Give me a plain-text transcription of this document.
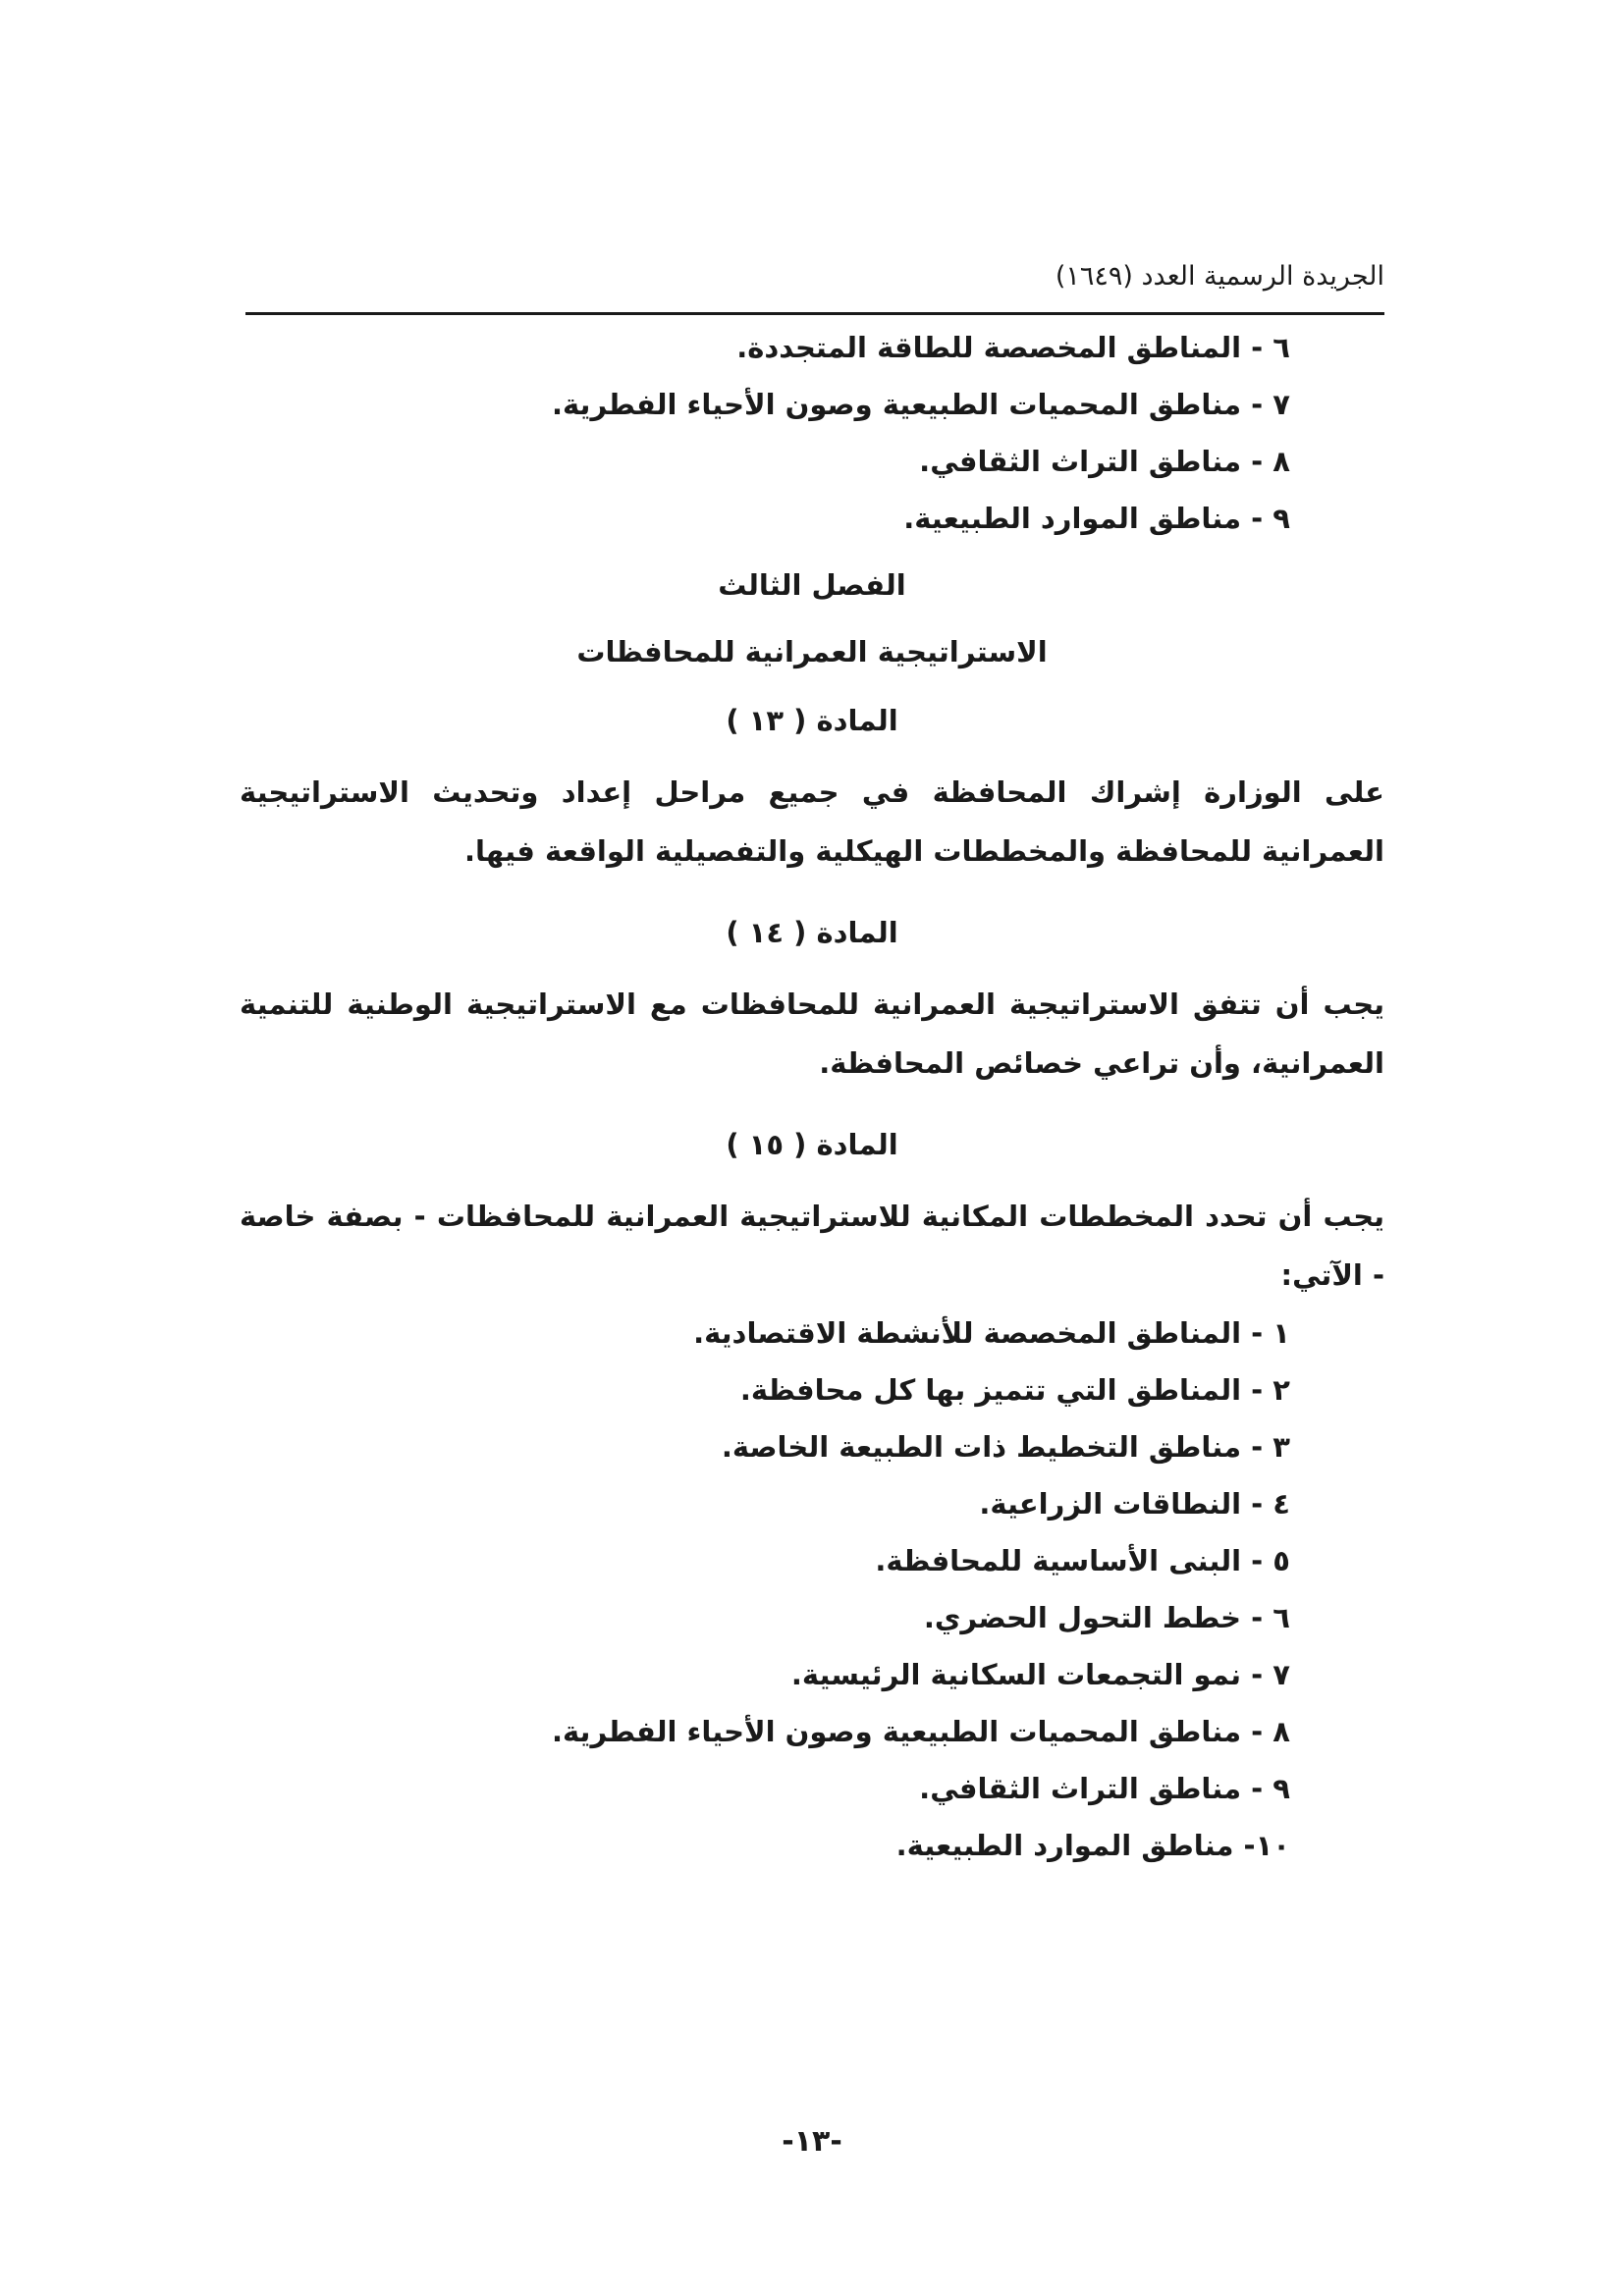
الجريدة الرسمية العدد (١٦٤٩)
٦ - المناطق المخصصة للطاقة المتجددة.
٧ - مناطق المحميات الطبيعية وصون الأحياء الفطرية.
٨ - مناطق التراث الثقافي.
٩ - مناطق الموارد الطبيعية.
الفصل الثالث
الاستراتيجية العمرانية للمحافظات
المادة ( ١٣ )
على الوزارة إشراك المحافظة في جميع مراحل إعداد وتحديث الاستراتيجية العمرانية للمحافظة والمخططات الهيكلية والتفصيلية الواقعة فيها.
المادة ( ١٤ )
يجب أن تتفق الاستراتيجية العمرانية للمحافظات مع الاستراتيجية الوطنية للتنمية العمرانية، وأن تراعي خصائص المحافظة.
المادة ( ١٥ )
يجب أن تحدد المخططات المكانية للاستراتيجية العمرانية للمحافظات - بصفة خاصة - الآتي:
١ - المناطق المخصصة للأنشطة الاقتصادية.
٢ - المناطق التي تتميز بها كل محافظة.
٣ - مناطق التخطيط ذات الطبيعة الخاصة.
٤ - النطاقات الزراعية.
٥ - البنى الأساسية للمحافظة.
٦ - خطط التحول الحضري.
٧ - نمو التجمعات السكانية الرئيسية.
٨ - مناطق المحميات الطبيعية وصون الأحياء الفطرية.
٩ - مناطق التراث الثقافي.
١٠- مناطق الموارد الطبيعية.
-١٣-
